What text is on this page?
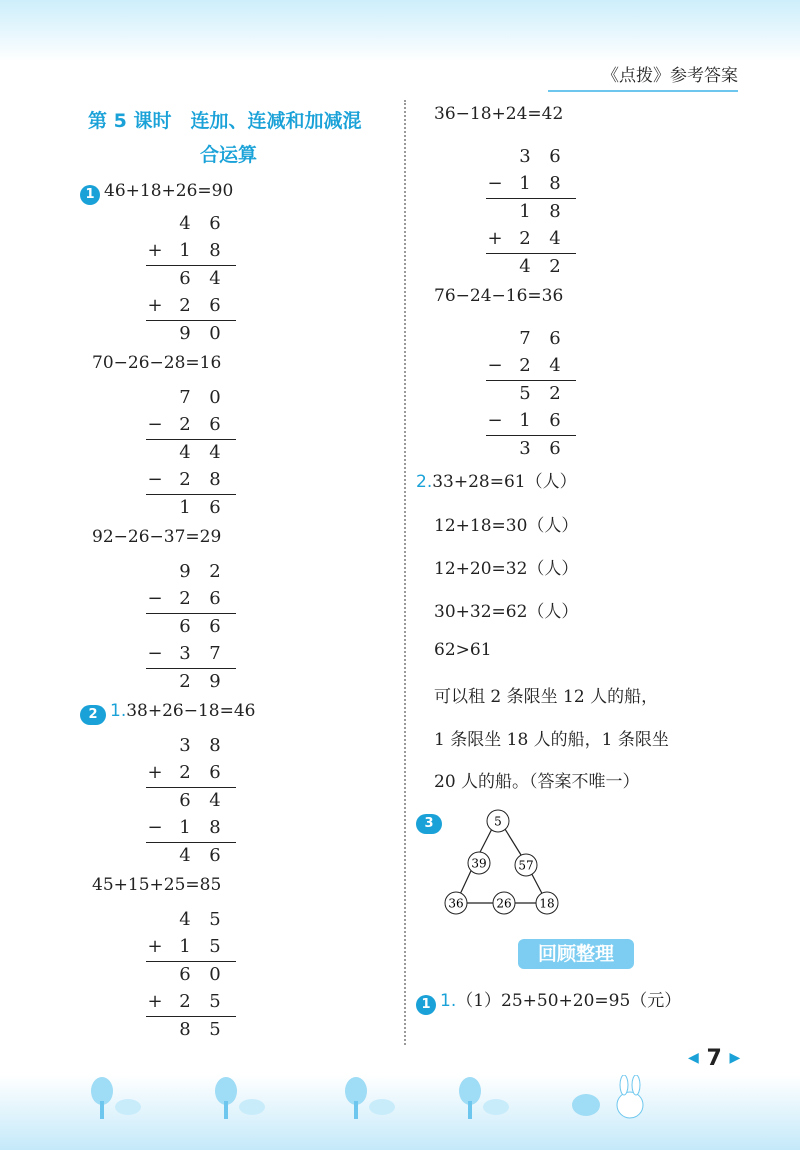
《点拨》参考答案
第 5 课时　连加、连减和加减混
合运算
1 46+18+26=90
4 6
+ 1 8
6 4
+ 2 6
9 0
70−26−28=16
7 0
− 2 6
4 4
− 2 8
1 6
92−26−37=29
9 2
− 2 6
6 6
− 3 7
2 9
2 1.38+26−18=46
3 8
+ 2 6
6 4
− 1 8
4 6
45+15+25=85
4 5
+ 1 5
6 0
+ 2 5
8 5
36−18+24=42
3 6
− 1 8
1 8
+ 2 4
4 2
76−24−16=36
7 6
− 2 4
5 2
− 1 6
3 6
2.33+28=61（人）
12+18=30（人）
12+20=32（人）
30+32=62（人）
62>61
可以租 2 条限坐 12 人的船，
1 条限坐 18 人的船，1 条限坐
20 人的船。（答案不唯一）
3	5
39	57
36	26 18
回顾整理
1 1.（1）25+50+20=95（元）
◀ 7 ▶
